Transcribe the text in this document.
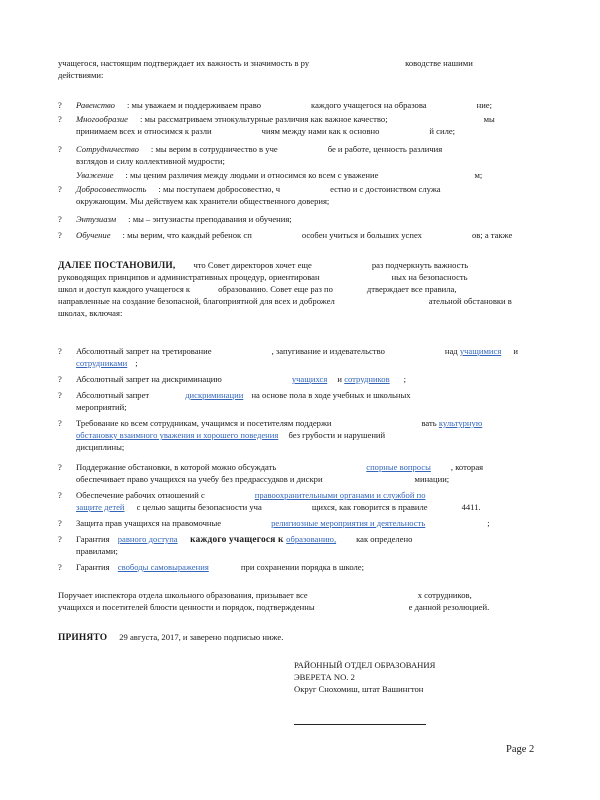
учащегося, настоящим подтверждает их важность и значимость в ру	ководстве нашими
действиями:
?	Равенство : мы уважаем и поддерживаем право	каждого учащегося на образова	ние;
?	Многообразие : мы рассматриваем этнокультурные различия как важное качество;	мы
принимаем всех и относимся к разли	чиям между нами как к основно	й силе;
?	Сотрудничество : мы верим в сотрудничество в уче	бе и работе, ценность различия
взглядов и силу коллективной мудрости;
Уважение : мы ценим различия между людьми и относимся ко всем с уважение	м;
?	Добросовестность : мы поступаем добросовестно, ч	естно и с достоинством служа
окружающим. Мы действуем как хранители общественного доверия;
?	Энтузиазм : мы – энтузиасты преподавания и обучения;
?	Обучение : мы верим, что каждый ребенок сп	особен учиться и больших успех	ов; а также
ДАЛЕЕ ПОСТАНОВИЛИ, что Совет директоров хочет еще	раз подчеркнуть важность
руководящих принципов и административных процедур, ориентирован	ных на безопасность
школ и доступ каждого учащегося к	образованию. Совет еще раз по	дтверждает все правила,
направленные на создание безопасной, благоприятной для всех и доброжел	ательной обстановки в
школах, включая:
?	Абсолютный запрет на третирование	, запугивание и издевательство	над учащимися и
сотрудниками ;
?	Абсолютный запрет на дискриминацию	учащихся и сотрудников ;
?	Абсолютный запрет	дискриминации на основе пола в ходе учебных и школьных
мероприятий;
?	Требование ко всем сотрудникам, учащимся и посетителям поддержи	вать культурную
обстановку взаимного уважения и хорошего поведения без грубости и нарушений
дисциплины;
?	Поддержание обстановки, в которой можно обсуждать	спорные вопросы , которая
обеспечивает право учащихся на учебу без предрассудков и дискри	минации;
?	Обеспечение рабочих отношений с	правоохранительными органами и службой по
защите детей с целью защиты безопасности уча	щихся, как говорится в правиле	4411.
?	Защита прав учащихся на правомочные	религиозные мероприятия и деятельность	;
?	Гарантия равного доступа каждого учащегося к образованию, как определено
правилами;
?	Гарантия свободы самовыражения	при сохранении порядка в школе;
Поручает инспектора отдела школьного образования, призывает все	х сотрудников,
учащихся и посетителей блюсти ценности и порядок, подтвержденны	е данной резолюцией.
ПРИНЯТО 29 августа, 2017, и заверено подписью ниже.
РАЙОННЫЙ ОТДЕЛ ОБРАЗОВАНИЯ
ЭВЕРЕТА NO. 2
Округ Снохомиш, штат Вашингтон
Page 2
